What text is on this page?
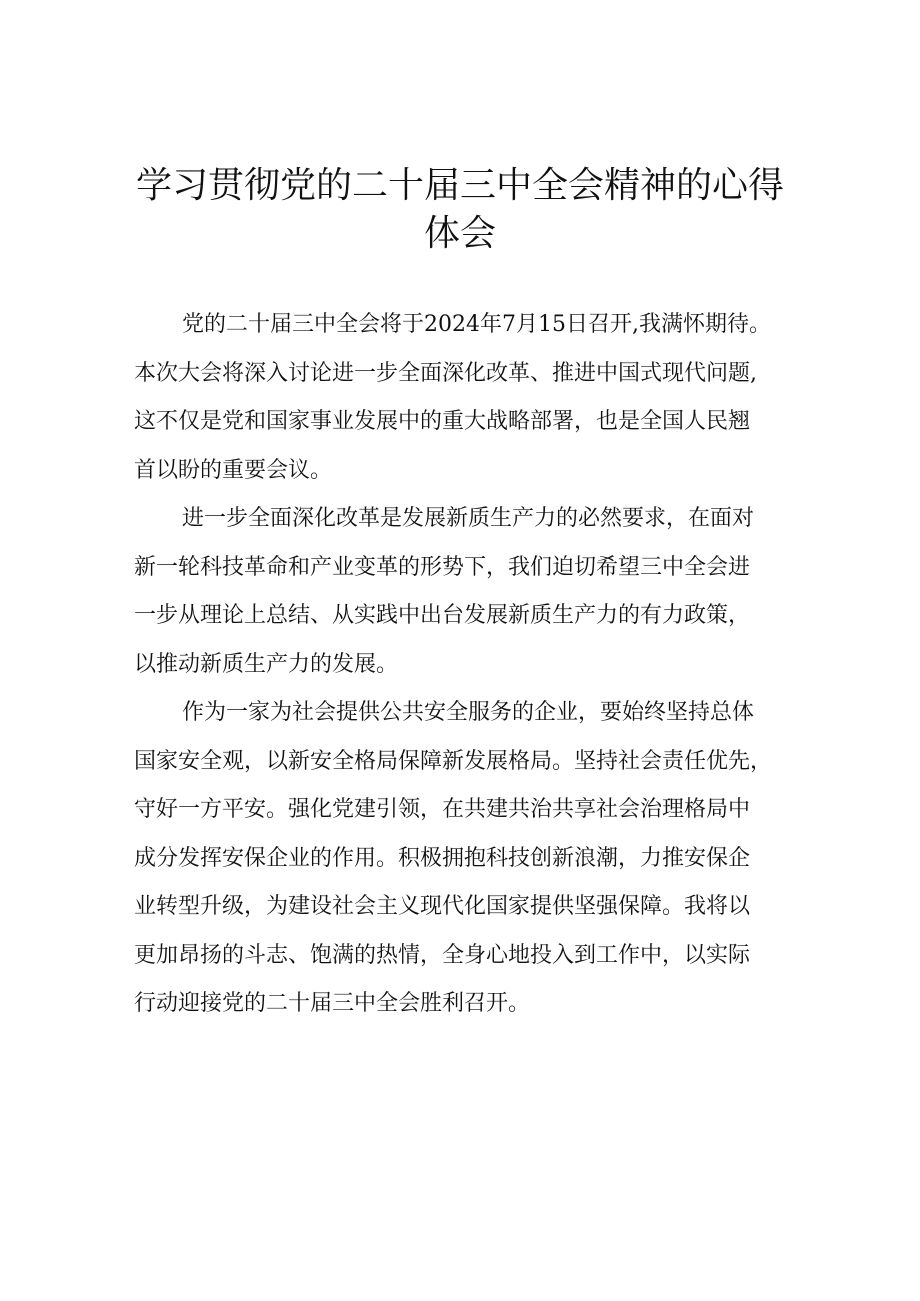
学习贯彻党的二十届三中全会精神的心得
体会

党的二十届三中全会将于2024年7月15日召开,我满怀期待。
本次大会将深入讨论进一步全面深化改革、推进中国式现代问题,
这不仅是党和国家事业发展中的重大战略部署，也是全国人民翘
首以盼的重要会议。

进一步全面深化改革是发展新质生产力的必然要求，在面对
新一轮科技革命和产业变革的形势下，我们迫切希望三中全会进
一步从理论上总结、从实践中出台发展新质生产力的有力政策，
以推动新质生产力的发展。

作为一家为社会提供公共安全服务的企业，要始终坚持总体
国家安全观，以新安全格局保障新发展格局。坚持社会责任优先，
守好一方平安。强化党建引领，在共建共治共享社会治理格局中
成分发挥安保企业的作用。积极拥抱科技创新浪潮，力推安保企
业转型升级，为建设社会主义现代化国家提供坚强保障。我将以
更加昂扬的斗志、饱满的热情，全身心地投入到工作中，以实际
行动迎接党的二十届三中全会胜利召开。
